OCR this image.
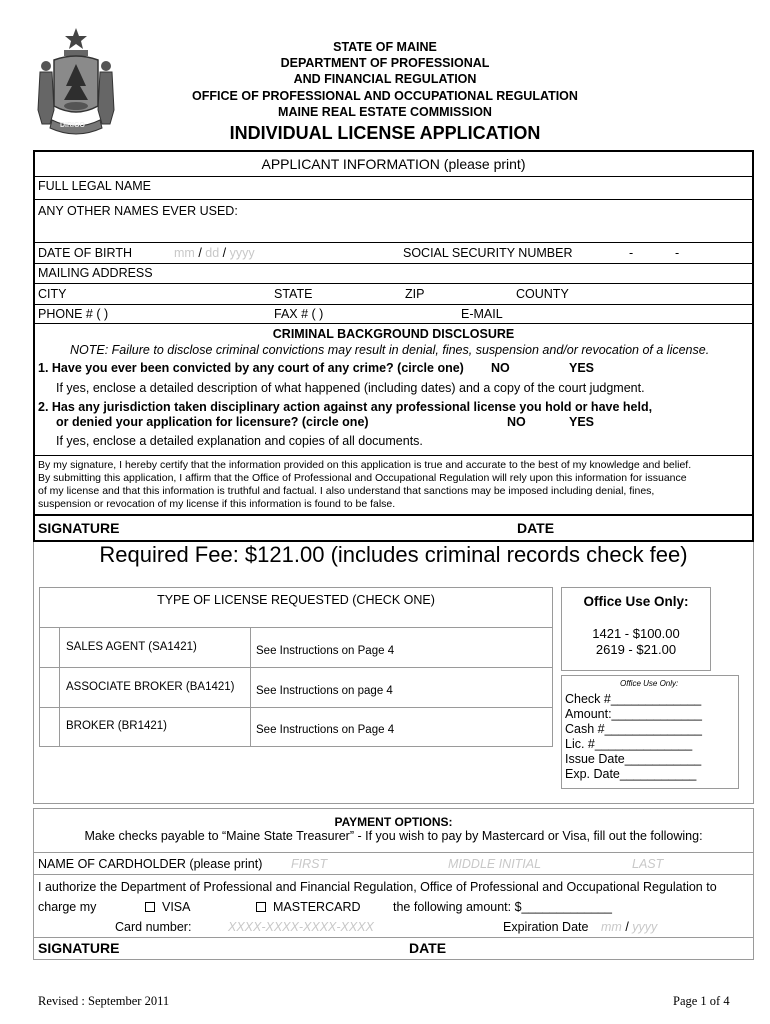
DIRIGO
STATE OF MAINE
DEPARTMENT OF PROFESSIONAL
AND FINANCIAL REGULATION
OFFICE OF PROFESSIONAL AND OCCUPATIONAL REGULATION
MAINE REAL ESTATE COMMISSION
INDIVIDUAL LICENSE APPLICATION
APPLICANT INFORMATION (please print)
FULL LEGAL NAME
ANY OTHER NAMES EVER USED:
DATE OF BIRTH	mm / dd / yyyy	SOCIAL SECURITY NUMBER	-	-
MAILING ADDRESS
CITY	STATE	ZIP	COUNTY
PHONE # ( )	FAX # ( )	E-MAIL
CRIMINAL BACKGROUND DISCLOSURE
NOTE: Failure to disclose criminal convictions may result in denial, fines, suspension and/or revocation of a license.
1. Have you ever been convicted by any court of any crime? (circle one) NO	YES
If yes, enclose a detailed description of what happened (including dates) and a copy of the court judgment.
2. Has any jurisdiction taken disciplinary action against any professional license you hold or have held,
or denied your application for licensure? (circle one)	NO	YES
If yes, enclose a detailed explanation and copies of all documents.
By my signature, I hereby certify that the information provided on this application is true and accurate to the best of my knowledge and belief.
By submitting this application, I affirm that the Office of Professional and Occupational Regulation will rely upon this information for issuance
of my license and that this information is truthful and factual. I also understand that sanctions may be imposed including denial, fines,
suspension or revocation of my license if this information is found to be false.
SIGNATURE	DATE
Required Fee: $121.00 (includes criminal records check fee)
TYPE OF LICENSE REQUESTED (CHECK ONE)
SALES AGENT (SA1421)	See Instructions on Page 4
ASSOCIATE BROKER (BA1421) See Instructions on page 4
BROKER (BR1421)	See Instructions on Page 4
Office Use Only:
1421 - $100.00
2619 - $21.00
Office Use Only:
Check #_____________
Amount:_____________
Cash #______________
Lic. #______________
Issue Date___________
Exp. Date___________
PAYMENT OPTIONS:
Make checks payable to “Maine State Treasurer” - If you wish to pay by Mastercard or Visa, fill out the following:
NAME OF CARDHOLDER (please print) FIRST	MIDDLE INITIAL	LAST
I authorize the Department of Professional and Financial Regulation, Office of Professional and Occupational Regulation to
charge my	VISA	MASTERCARD	the following amount: $_____________
Card number:	XXXX-XXXX-XXXX-XXXX	Expiration Date mm / yyyy
SIGNATURE	DATE
Revised : September 2011	Page 1 of 4
